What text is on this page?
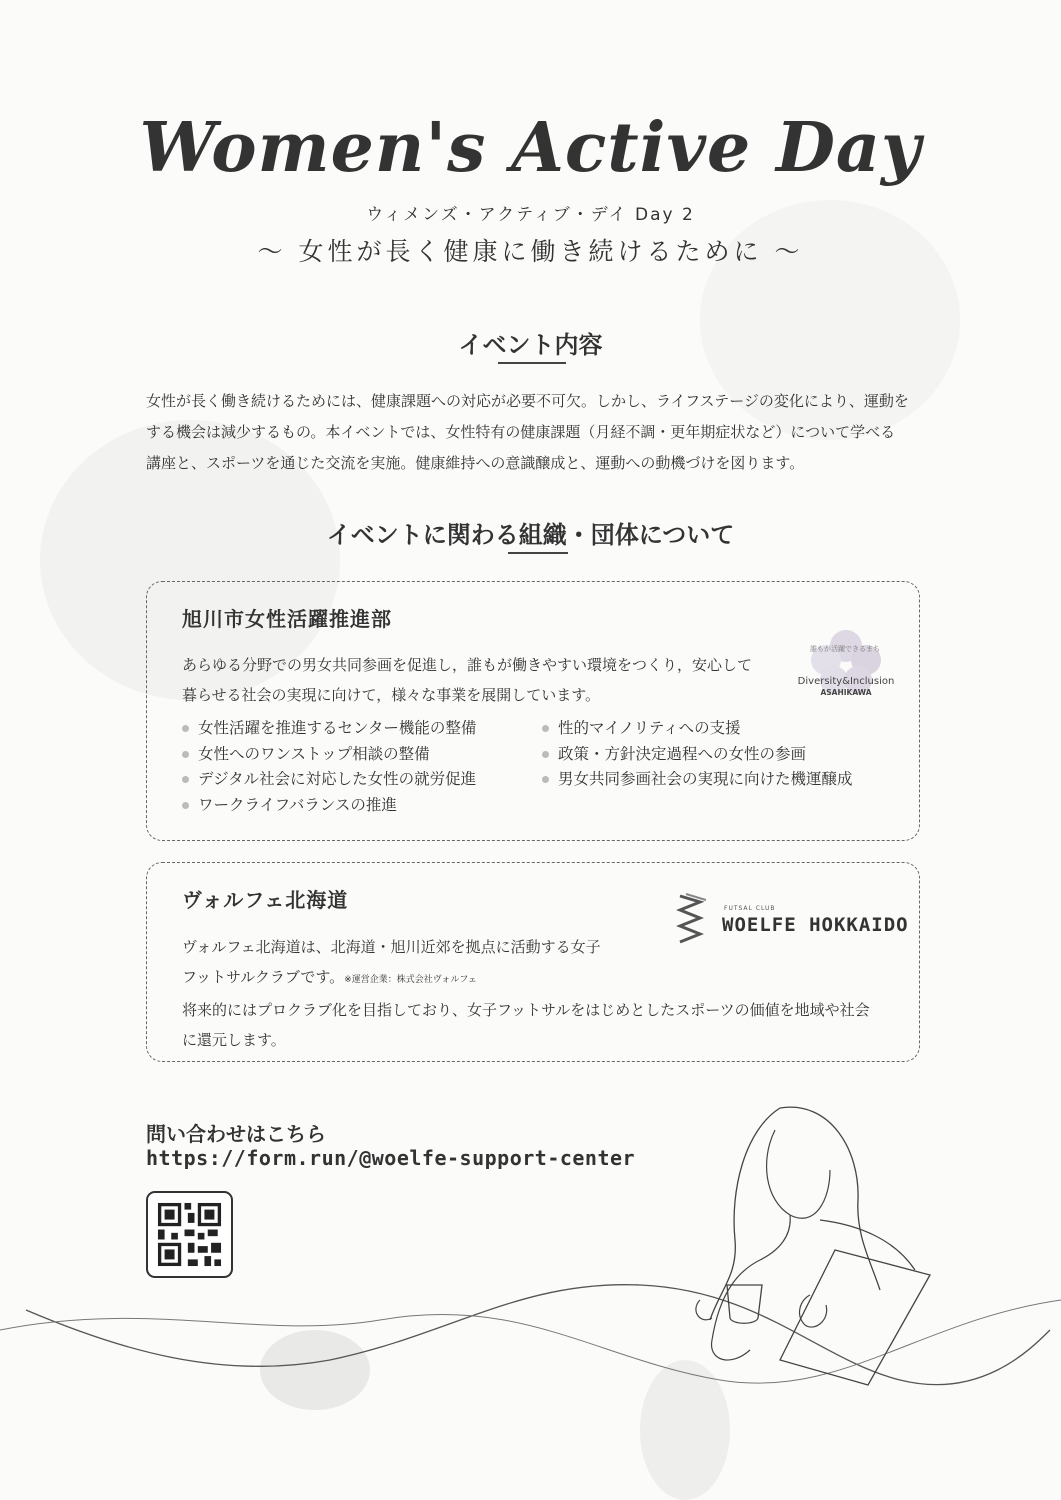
Women's Active Day
ウィメンズ・アクティブ・デイ Day 2
～ 女性が長く健康に働き続けるために ～
イベント内容
女性が長く働き続けるためには、健康課題への対応が必要不可欠。しかし、ライフステージの変化により、運動を
する機会は減少するもの。本イベントでは、女性特有の健康課題（月経不調・更年期症状など）について学べる
講座と、スポーツを通じた交流を実施。健康維持への意識醸成と、運動への動機づけを図ります。
イベントに関わる組織・団体について
旭川市女性活躍推進部
あらゆる分野での男女共同参画を促進し，誰もが働きやすい環境をつくり，安心して
暮らせる社会の実現に向けて，様々な事業を展開しています。
女性活躍を推進するセンター機能の整備
女性へのワンストップ相談の整備
デジタル社会に対応した女性の就労促進
ワークライフバランスの推進
性的マイノリティへの支援
政策・方針決定過程への女性の参画
男女共同参画社会の実現に向けた機運醸成
誰もが活躍できるまち
Diversity&Inclusion
ASAHIKAWA
ヴォルフェ北海道
ヴォルフェ北海道は、北海道・旭川近郊を拠点に活動する女子
フットサルクラブです。※運営企業：株式会社ヴォルフェ
将来的にはプロクラブ化を目指しており、女子フットサルをはじめとしたスポーツの価値を地域や社会
に還元します。
FUTSAL CLUB
WOELFE HOKKAIDO
問い合わせはこちら
https://form.run/@woelfe-support-center
